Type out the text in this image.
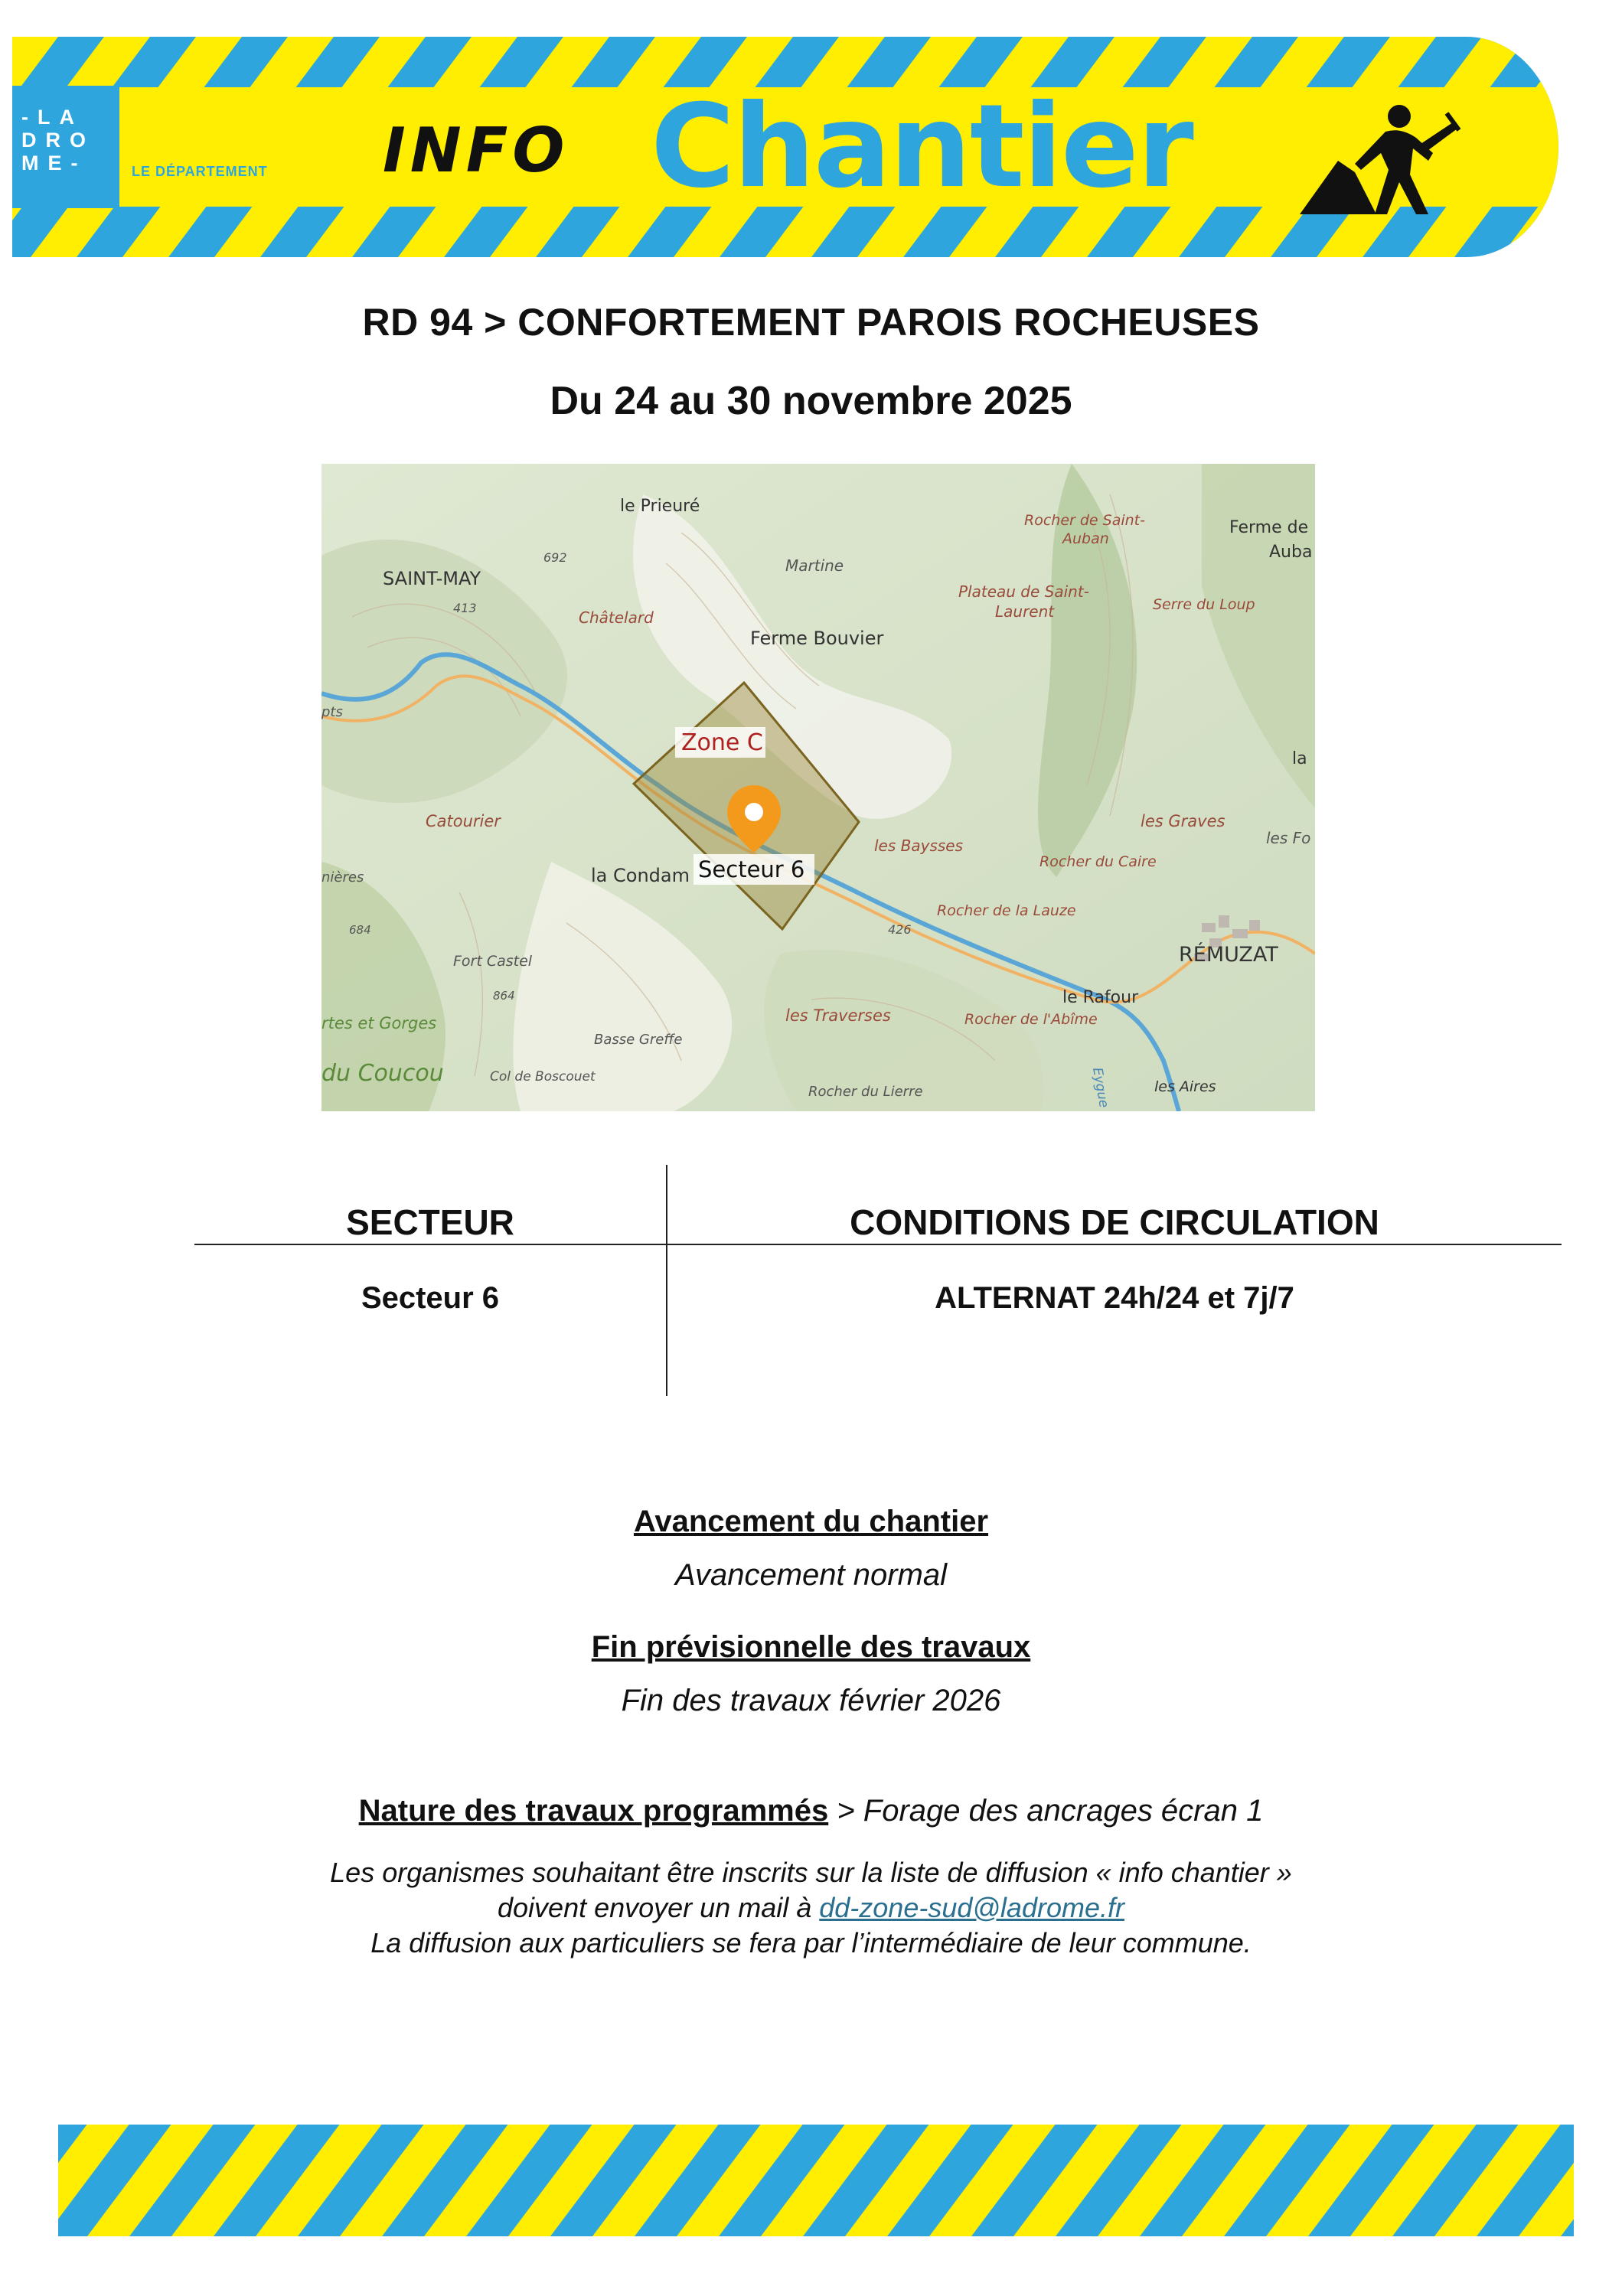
-LA
DRO
ME-	LE DÉPARTEMENT INFO Chantier
RD 94 > CONFORTEMENT PAROIS ROCHEUSES
Du 24 au 30 novembre 2025
Zone C
Secteur 6
le Prieuré
SAINT-MAY
692
413
Châtelard
Martine
Ferme Bouvier
Rocher de Saint-
Auban
Ferme de
Auba
Plateau de Saint-
Laurent	Serre du Loup
pts
la
Catourier	les Graves
les Fo
la Condam
les Baysses
Rocher du Caire
nières
Rocher de la Lauze
684	426
RÉMUZAT
Fort Castel
864	le Rafour
rtes et Gorges	les Traverses	Rocher de l'Abîme
Basse Greffe
du Coucou	Col de Boscouet
Rocher du Lierre	les Aires
Eygue
SECTEUR	CONDITIONS DE CIRCULATION
Secteur 6	ALTERNAT 24h/24 et 7j/7
Avancement du chantier
Avancement normal
Fin prévisionnelle des travaux
Fin des travaux février 2026
Nature des travaux programmés > Forage des ancrages écran 1
Les organismes souhaitant être inscrits sur la liste de diffusion « info chantier »
doivent envoyer un mail à dd-zone-sud@ladrome.fr
La diffusion aux particuliers se fera par l’intermédiaire de leur commune.
